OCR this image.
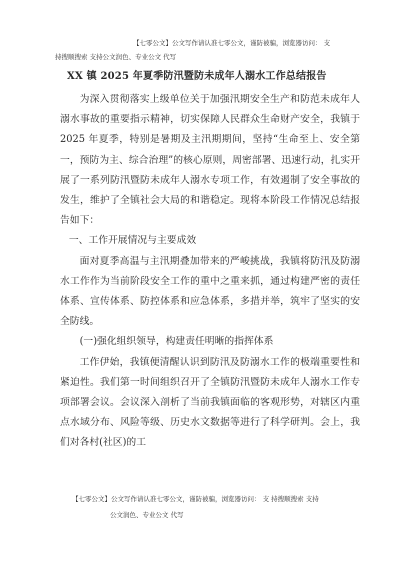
【七零公文】公文写作请认准七零公文，谨防被骗，浏览器访问： 支
持搜顺搜索 支持公文润色、专业公文 代写
XX 镇 2025 年夏季防汛暨防未成年人溺水工作总结报告

为深入贯彻落实上级单位关于加强汛期安全生产和防范未成年人溺水事故的重要指示精神，切实保障人民群众生命财产安全，我镇于 2025 年夏季，特别是暑期及主汛期期间，坚持“生命至上、安全第一，预防为主、综合治理”的核心原则，周密部署、迅速行动，扎实开展了一系列防汛暨防未成年人溺水专项工作，有效遏制了安全事故的发生，维护了全镇社会大局的和谐稳定。现将本阶段工作情况总结报告如下：

一、工作开展情况与主要成效

面对夏季高温与主汛期叠加带来的严峻挑战，我镇将防汛及防溺水工作作为当前阶段安全工作的重中之重来抓，通过构建严密的责任体系、宣传体系、防控体系和应急体系，多措并举，筑牢了坚实的安全防线。

(一)强化组织领导，构建责任明晰的指挥体系

工作伊始，我镇便清醒认识到防汛及防溺水工作的极端重要性和紧迫性。我们第一时间组织召开了全镇防汛暨防未成年人溺水工作专项部署会议。会议深入剖析了当前我镇面临的客观形势，对辖区内重点水域分布、风险等级、历史水文数据等进行了科学研判。会上，我们对各村(社区)的工

【七零公文】公文写作请认准七零公文，谨防被骗，浏览器访问： 支 持搜顺搜索 支持
公文润色、专业公文 代写
